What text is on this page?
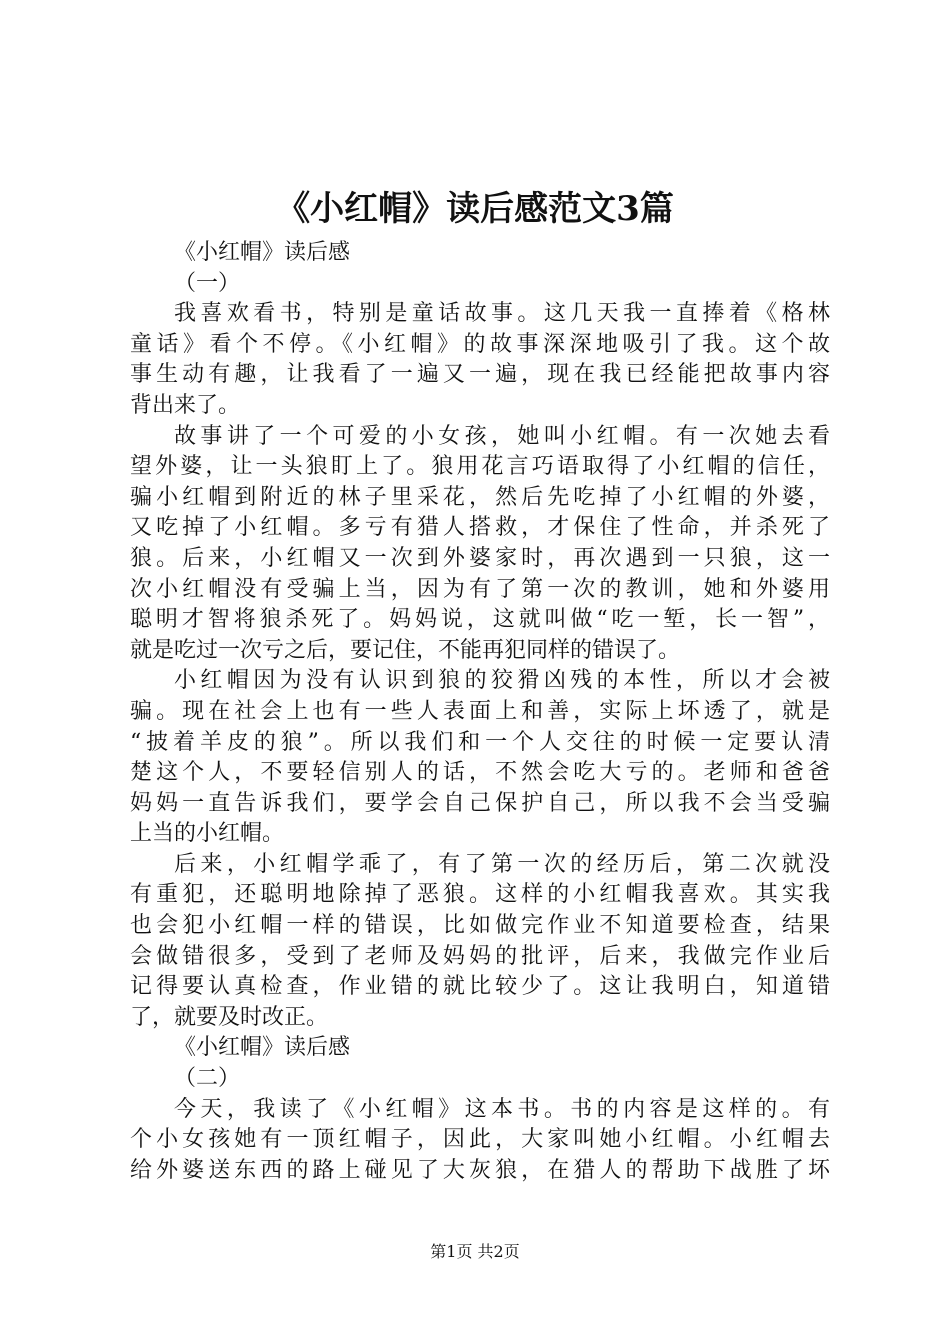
《小红帽》读后感范文3篇
《小红帽》读后感
（一）
我喜欢看书，特别是童话故事。这几天我一直捧着《格林
童话》看个不停。《小红帽》的故事深深地吸引了我。这个故
事生动有趣，让我看了一遍又一遍，现在我已经能把故事内容
背出来了。
故事讲了一个可爱的小女孩，她叫小红帽。有一次她去看
望外婆，让一头狼盯上了。狼用花言巧语取得了小红帽的信任，
骗小红帽到附近的林子里采花，然后先吃掉了小红帽的外婆，
又吃掉了小红帽。多亏有猎人搭救，才保住了性命，并杀死了
狼。后来，小红帽又一次到外婆家时，再次遇到一只狼，这一
次小红帽没有受骗上当，因为有了第一次的教训，她和外婆用
聪明才智将狼杀死了。妈妈说，这就叫做“吃一堑，长一智”，
就是吃过一次亏之后，要记住，不能再犯同样的错误了。
小红帽因为没有认识到狼的狡猾凶残的本性，所以才会被
骗。现在社会上也有一些人表面上和善，实际上坏透了，就是
“披着羊皮的狼”。所以我们和一个人交往的时候一定要认清
楚这个人，不要轻信别人的话，不然会吃大亏的。老师和爸爸
妈妈一直告诉我们，要学会自己保护自己，所以我不会当受骗
上当的小红帽。
后来，小红帽学乖了，有了第一次的经历后，第二次就没
有重犯，还聪明地除掉了恶狼。这样的小红帽我喜欢。其实我
也会犯小红帽一样的错误，比如做完作业不知道要检查，结果
会做错很多，受到了老师及妈妈的批评，后来，我做完作业后
记得要认真检查，作业错的就比较少了。这让我明白，知道错
了，就要及时改正。
《小红帽》读后感
（二）
今天，我读了《小红帽》这本书。书的内容是这样的。有
个小女孩她有一顶红帽子，因此，大家叫她小红帽。小红帽去
给外婆送东西的路上碰见了大灰狼，在猎人的帮助下战胜了坏
第1页 共2页
